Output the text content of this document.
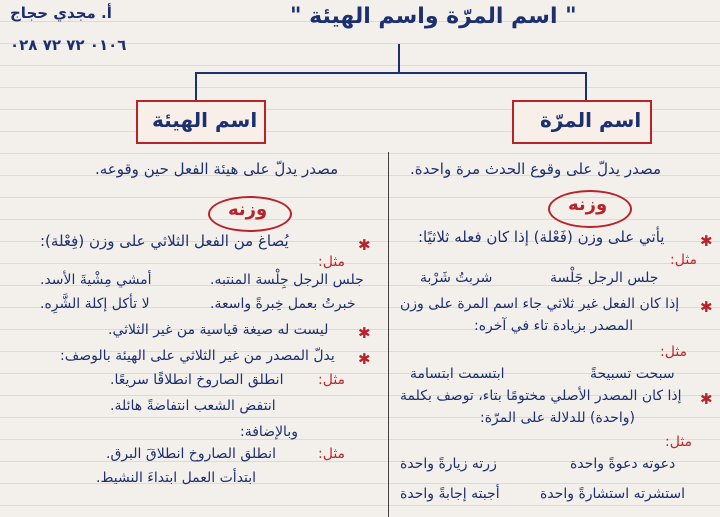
" اسم المرّة واسم الهيئة "
أ. مجدي حجاج
٠١٠٦ ٧٢ ٧٢ ٠٢٨
اسم المرّة
اسم الهيئة
مصدر يدلّ على وقوع الحدث مرة واحدة.
وزنه
✱
يأتي على وزن (فَعْلة) إذا كان فعله ثلاثيًا:
مثل:
جلس الرجل جَلْسة
شربتُ شَرْبة
✱
إذا كان الفعل غير ثلاثي جاء اسم المرة على وزن
المصدر بزيادة تاء في آخره:
مثل:
سبحت تسبيحةً
ابتسمت ابتسامة
✱
إذا كان المصدر الأصلي مختومًا بتاء، توصف بكلمة
(واحدة) للدلالة على المرّة:
مثل:
دعوته دعوةً واحدة
زرته زيارةً واحدة
استشرته استشارةً واحدة
أجبته إجابةً واحدة
مصدر يدلّ على هيئة الفعل حين وقوعه.
وزنه
✱
يُصاغ من الفعل الثلاثي على وزن (فِعْلة):
مثل:
جلس الرجل جِلْسة المنتبه.
أمشي مِشْيةَ الأسد.
خبرتُ بعمل خِبرةً واسعة.
لا تأكل إكلة الشَّرِه.
✱
ليست له صيغة قياسية من غير الثلاثي.
✱
يدلّ المصدر من غير الثلاثي على الهيئة بالوصف:
مثل:
انطلق الصاروخ انطلاقًا سريعًا.
انتفض الشعب انتفاضةً هائلة.
وبالإضافة:
مثل:
انطلق الصاروخ انطلاقَ البرق.
ابتدأت العمل ابتداءَ النشيط.
